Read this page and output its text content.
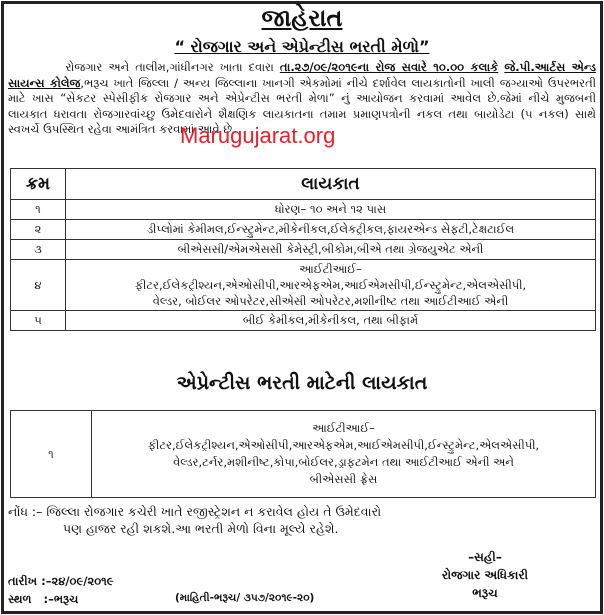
જાહેરાત
“ રોજગાર અને એપ્રેન્ટીસ ભરતી મેળો”
     રોજગાર અને તાલીમ,ગાંધીનગર ખાતા દવારા તા.૨૭/૦૯/૨૦૧૯ના રોજ સવારે ૧૦.૦૦ કલાકે જે.પી.આર્ટસ એન્ડ સાયન્સ કોલેજ,ભરૂચ ખાતે જિલ્લા / અન્ય જિલ્લાના ખાનગી એકમોમાં નીચે દર્શાવેલ લાયકાતોની ખાલી જગ્યાઓ ઉપરભરતી માટે ખાસ “સેકટર સ્પેસીફીક રોજગાર અને એપ્રેન્ટીસ ભરતી મેળા” નું આયોજન કરવામાં આવેલ છે.જેમાં નીચે મુજબની લાયકાત ધરાવતા રોજગારવાંચ્છુ ઉમેદવારોને શૈક્ષણિક લાયકાતના તમામ પ્રમાણપત્રોની નકલ તથા બાયોડેટા (૫ નકલ) સાથે સ્વખર્ચે ઉપસ્થિત રહેવા આમંત્રિત કરવામાં આવે છે.
Marugujarat.org
ક્રમ	લાયકાત
૧	ધોરણ– ૧૦ અને ૧૨ પાસ
૨	ડીપ્લોમાં કેમીમલ,ઈન્સ્ટ્રુમેન્ટ,મીકેનીકલ,ઈલેકટ્રીકલ,ફાયરએન્ડ સેફટી,ટેક્ષટાઈલ
૩	બીએસસી/એમએસસી કેમેસ્ટ્રી,બીકોમ,બીએ તથા ગ્રેજયુએટ એની
૪	આઈટીઆઈ–
ફીટર,ઈલેકટ્રીશ્યન,એઓસીપી,આરએફએમ,આઈએમસીપી,ઈન્સ્ટ્રુમેન્ટ,એલએસીપી,
વેલ્ડર, બોઈલર ઓપરેટર,સીએસી ઓપરેટર,મશીનીષ્ટ તથા આઈટીઆઈ એની

૫	બીઈ કેમીકલ,મીકેનીકલ, તથા બીફાર્મ
એપ્રેન્ટીસ ભરતી માટેની લાયકાત
૧	
આઈટીઆઈ–
ફીટર,ઈલેકટ્રીશ્યન,એઓસીપી,આરએફએમ,આઈએમસીપી,ઈન્સ્ટ્રુમેન્ટ,એલએસીપી,
વેલ્ડર,ટર્નર,મશીનીષ્ટ,કોપા,બોઈલર,ડ્રાફટમેન તથા આઈટીઆઈ એની અને
બીએસસી ફ્રેસ
નોંધ :– જિલ્લા રોજગાર કચેરી ખાતે રજીસ્ટ્રેશન ન કરાવેલ હોય તે ઉમેદવારો
પણ હાજર રહી શકશે.આ ભરતી મેળો વિના મૂલ્યે રહેશે.
–સહી–
રોજગાર અધિકારી
ભરૂચ
તારીખ :–૨૪/૦૯/૨૦૧૯
સ્થળ   :–ભરૂચ	(માહિતી-ભરૂચ/ ૩૫૭/૨૦૧૯-૨૦)
